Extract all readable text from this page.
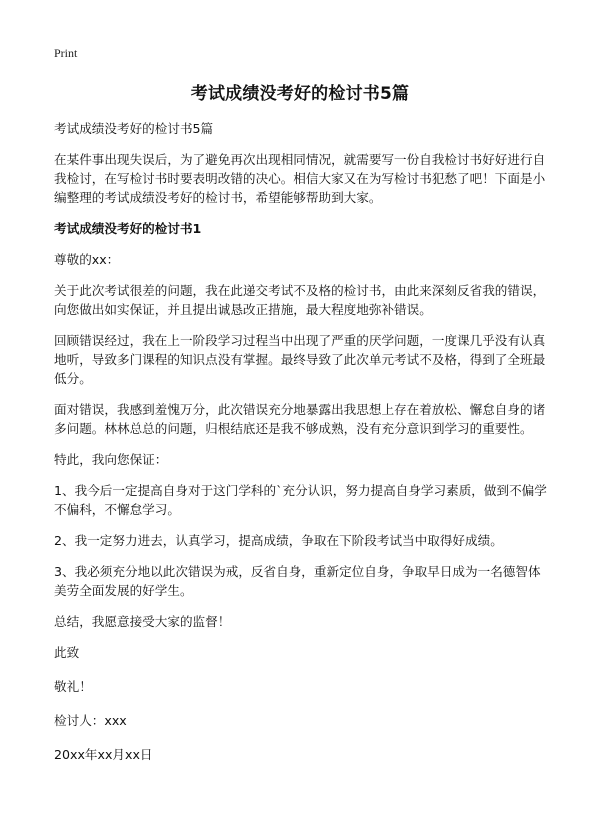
Print
考试成绩没考好的检讨书5篇

考试成绩没考好的检讨书5篇

在某件事出现失误后，为了避免再次出现相同情况，就需要写一份自我检讨书好好进行自我检讨，在写检讨书时要表明改错的决心。相信大家又在为写检讨书犯愁了吧！下面是小编整理的考试成绩没考好的检讨书，希望能够帮助到大家。

考试成绩没考好的检讨书1

尊敬的xx：

关于此次考试很差的问题，我在此递交考试不及格的检讨书，由此来深刻反省我的错误，向您做出如实保证，并且提出诚恳改正措施，最大程度地弥补错误。

回顾错误经过，我在上一阶段学习过程当中出现了严重的厌学问题，一度课几乎没有认真地听，导致多门课程的知识点没有掌握。最终导致了此次单元考试不及格，得到了全班最低分。

面对错误，我感到羞愧万分，此次错误充分地暴露出我思想上存在着放松、懈怠自身的诸多问题。林林总总的问题，归根结底还是我不够成熟，没有充分意识到学习的重要性。

特此，我向您保证：

1、我今后一定提高自身对于这门学科的`充分认识，努力提高自身学习素质，做到不偏学不偏科，不懈怠学习。

2、我一定努力进去，认真学习，提高成绩，争取在下阶段考试当中取得好成绩。

3、我必须充分地以此次错误为戒，反省自身，重新定位自身，争取早日成为一名德智体美劳全面发展的好学生。

总结，我愿意接受大家的监督！

此致

敬礼！

检讨人：xxx

20xx年xx月xx日
